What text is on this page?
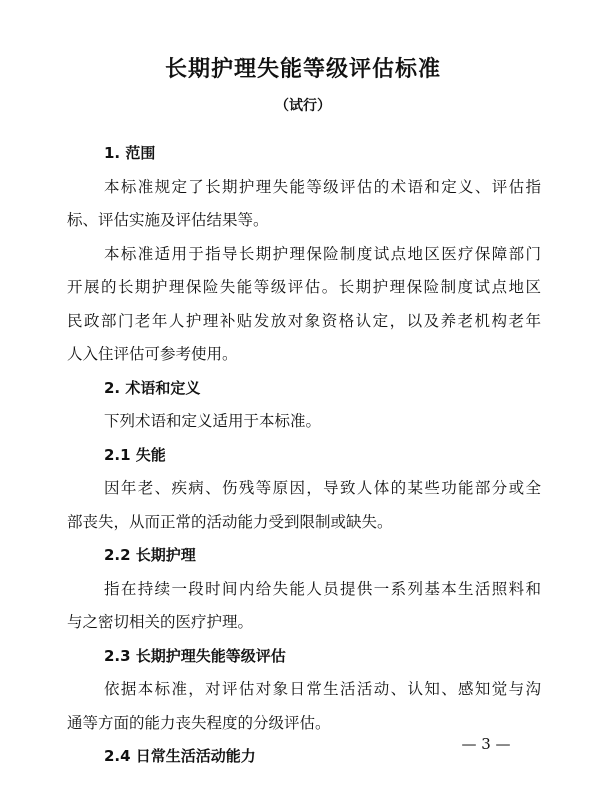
长期护理失能等级评估标准
（试行）
1. 范围
本标准规定了长期护理失能等级评估的术语和定义、评估指
标、评估实施及评估结果等。
本标准适用于指导长期护理保险制度试点地区医疗保障部门
开展的长期护理保险失能等级评估。长期护理保险制度试点地区
民政部门老年人护理补贴发放对象资格认定，以及养老机构老年
人入住评估可参考使用。
2. 术语和定义
下列术语和定义适用于本标准。
2.1 失能
因年老、疾病、伤残等原因，导致人体的某些功能部分或全
部丧失，从而正常的活动能力受到限制或缺失。
2.2 长期护理
指在持续一段时间内给失能人员提供一系列基本生活照料和
与之密切相关的医疗护理。
2.3 长期护理失能等级评估
依据本标准，对评估对象日常生活活动、认知、感知觉与沟
通等方面的能力丧失程度的分级评估。
2.4 日常生活活动能力
— 3 —
